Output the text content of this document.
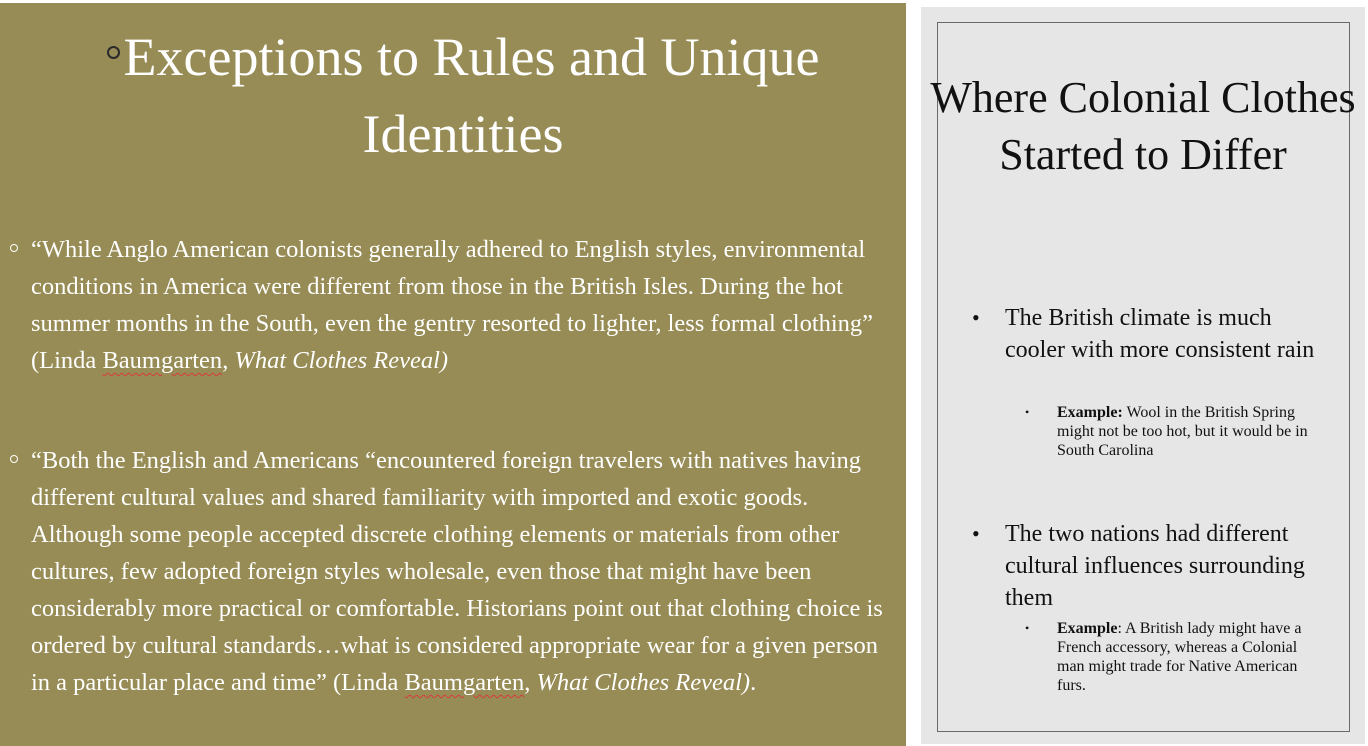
Exceptions to Rules and Unique Identities
“While Anglo American colonists generally adhered to English styles, environmental conditions in America were different from those in the British Isles. During the hot summer months in the South, even the gentry resorted to lighter, less formal clothing” (Linda Baumgarten, What Clothes Reveal)
“Both the English and Americans “encountered foreign travelers with natives having different cultural values and shared familiarity with imported and exotic goods. Although some people accepted discrete clothing elements or materials from other cultures, few adopted foreign styles wholesale, even those that might have been considerably more practical or comfortable. Historians point out that clothing choice is ordered by cultural standards…what is considered appropriate wear for a given person in a particular place and time” (Linda Baumgarten, What Clothes Reveal).
Where Colonial Clothes Started to Differ
• The British climate is much cooler with more consistent rain
• Example: Wool in the British Spring might not be too hot, but it would be in South Carolina
• The two nations had different cultural influences surrounding them
• Example: A British lady might have a French accessory, whereas a Colonial man might trade for Native American furs.
